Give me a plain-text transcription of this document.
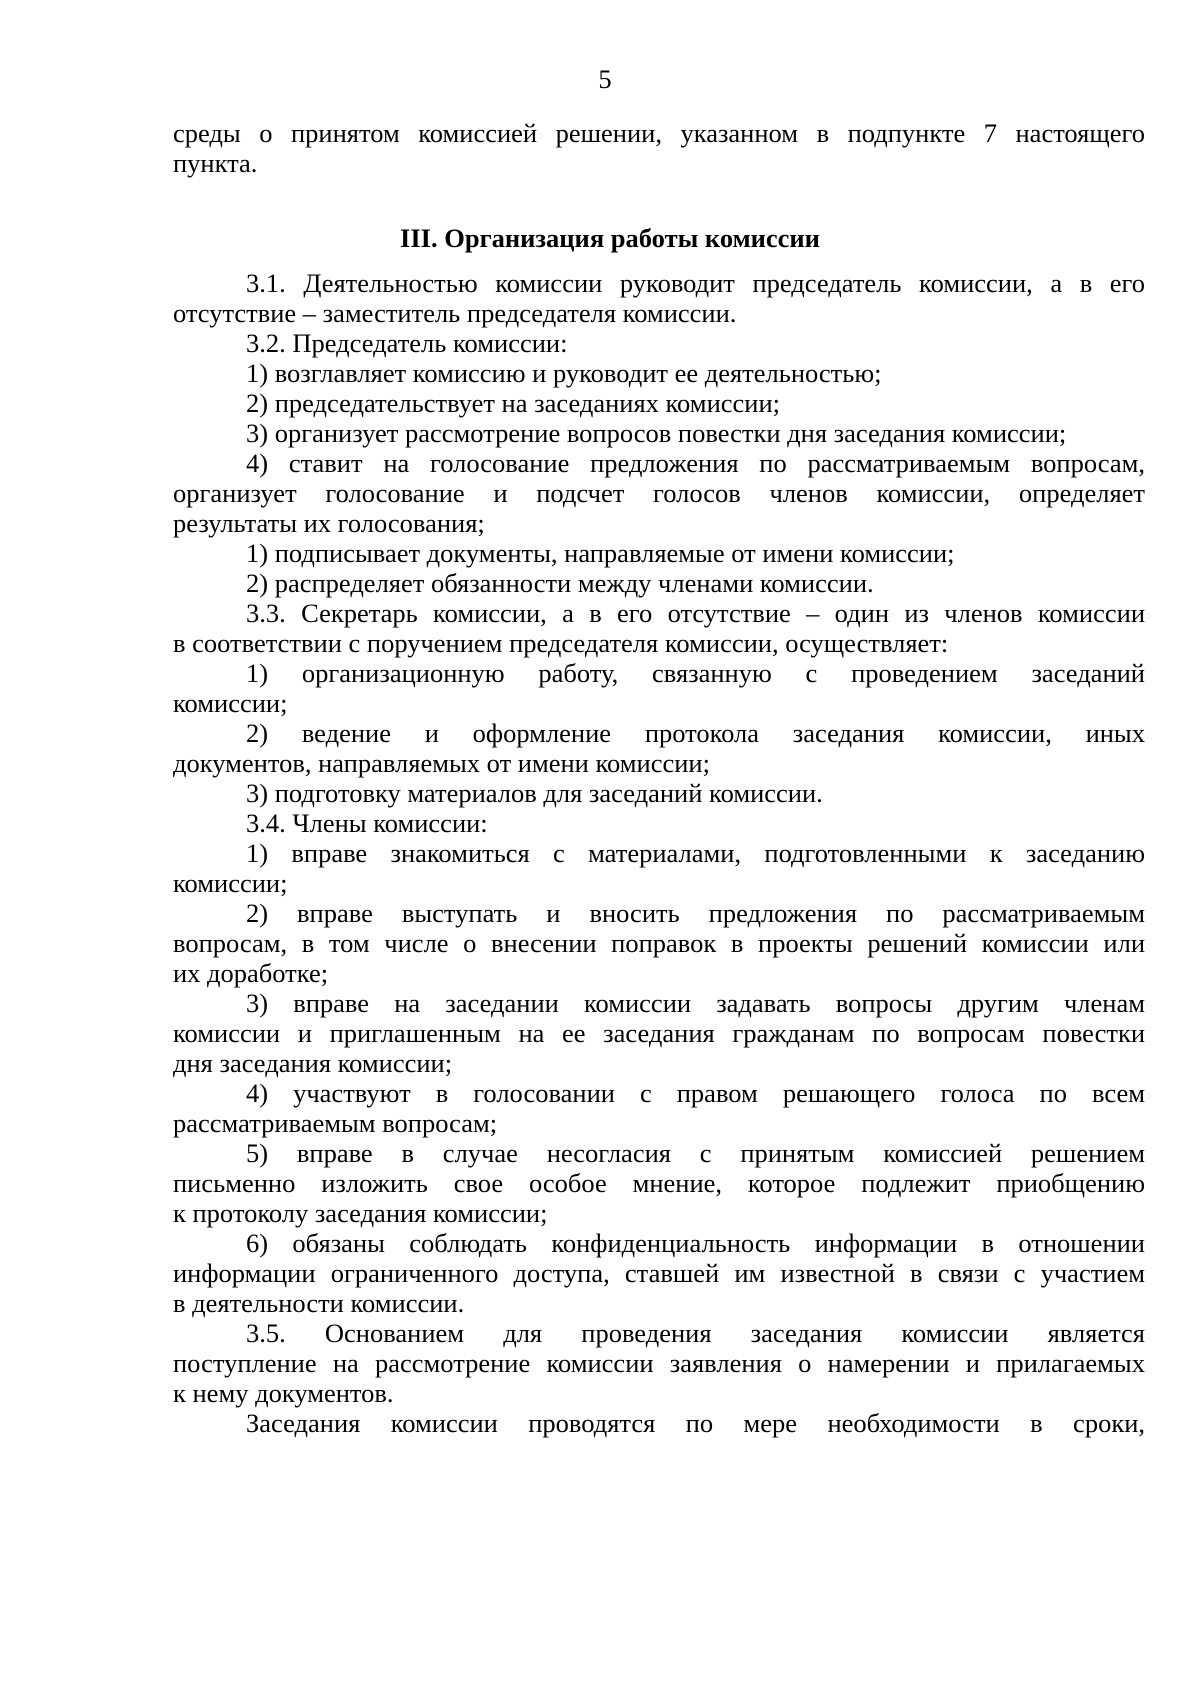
5
III. Организация работы комиссии
среды о принятом комиссией решении, указанном в подпункте 7 настоящего
пункта.
3.1. Деятельностью комиссии руководит председатель комиссии, а в его
отсутствие – заместитель председателя комиссии.
3.2. Председатель комиссии:
1) возглавляет комиссию и руководит ее деятельностью;
2) председательствует на заседаниях комиссии;
3) организует рассмотрение вопросов повестки дня заседания комиссии;
4) ставит на голосование предложения по рассматриваемым вопросам,
организует голосование и подсчет голосов членов комиссии, определяет
результаты их голосования;
1) подписывает документы, направляемые от имени комиссии;
2) распределяет обязанности между членами комиссии.
3.3. Секретарь комиссии, а в его отсутствие – один из членов комиссии
в соответствии с поручением председателя комиссии, осуществляет:
1) организационную работу, связанную с проведением заседаний
комиссии;
2) ведение и оформление протокола заседания комиссии, иных
документов, направляемых от имени комиссии;
3) подготовку материалов для заседаний комиссии.
3.4. Члены комиссии:
1) вправе знакомиться с материалами, подготовленными к заседанию
комиссии;
2) вправе выступать и вносить предложения по рассматриваемым
вопросам, в том числе о внесении поправок в проекты решений комиссии или
их доработке;
3) вправе на заседании комиссии задавать вопросы другим членам
комиссии и приглашенным на ее заседания гражданам по вопросам повестки
дня заседания комиссии;
4) участвуют в голосовании с правом решающего голоса по всем
рассматриваемым вопросам;
5) вправе в случае несогласия с принятым комиссией решением
письменно изложить свое особое мнение, которое подлежит приобщению
к протоколу заседания комиссии;
6) обязаны соблюдать конфиденциальность информации в отношении
информации ограниченного доступа, ставшей им известной в связи с участием
в деятельности комиссии.
3.5. Основанием для проведения заседания комиссии является
поступление на рассмотрение комиссии заявления о намерении и прилагаемых
к нему документов.
Заседания комиссии проводятся по мере необходимости в сроки,
